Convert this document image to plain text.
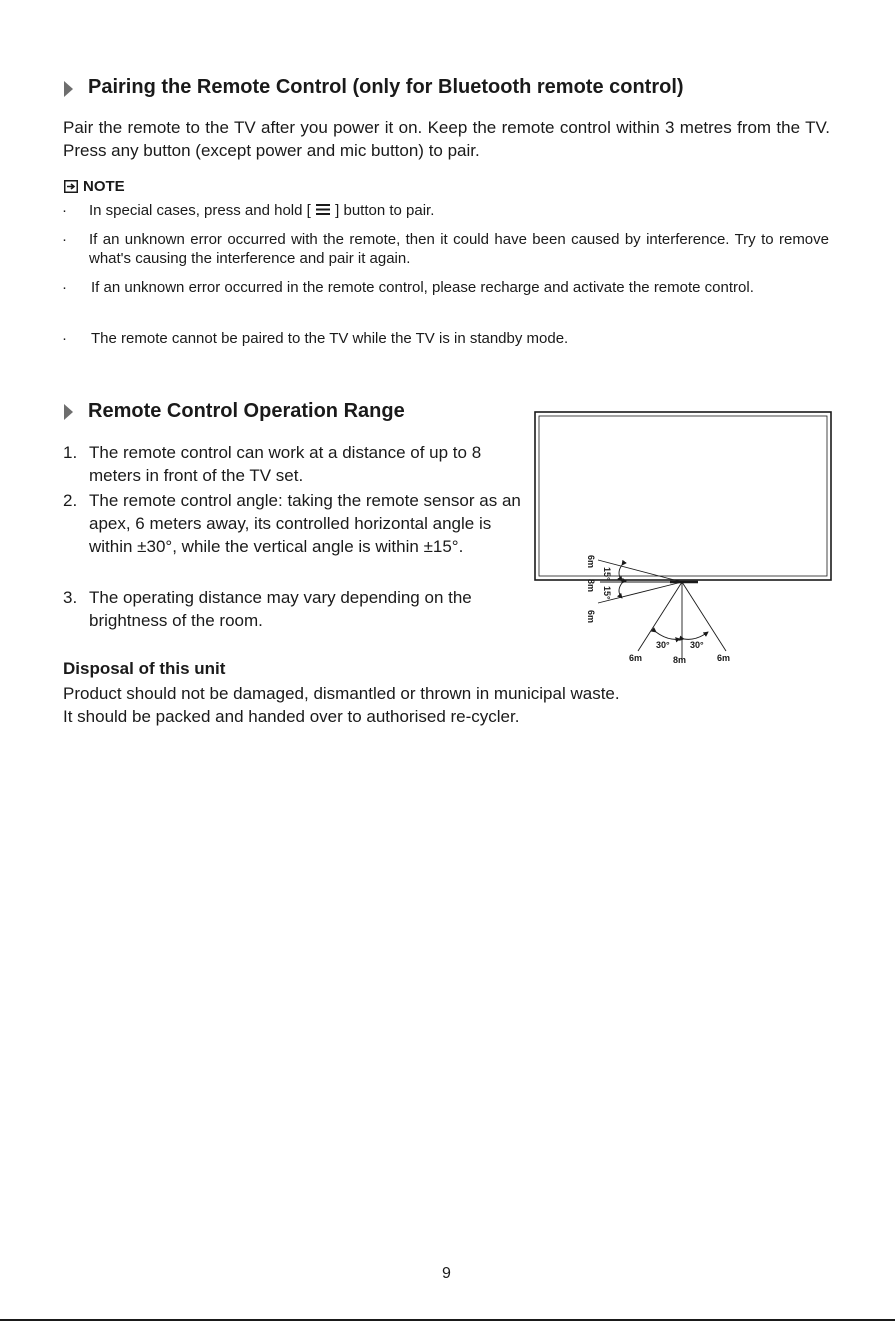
Pairing the Remote Control (only for Bluetooth remote control)
Pair the remote to the TV after you power it on. Keep the remote control within 3 metres from the TV. Press any button (except power and mic button) to pair.
NOTE
· In special cases, press and hold [  ] button to pair.
· If an unknown error occurred with the remote, then it could have been caused by interference. Try to remove what's causing the interference and pair it again.
· If an unknown error occurred in the remote control, please recharge and activate the remote control.
· The remote cannot be paired to the TV while the TV is in standby mode.
Remote Control Operation Range
1. The remote control can work at a distance of up to 8 meters in front of the TV set.
2. The remote control angle: taking the remote sensor as an apex, 6 meters away, its controlled horizontal angle is within ±30°, while the vertical angle is within ±15°.
3. The operating distance may vary depending on the brightness of the room.
6m
15°
8m
15°
6m
30° 30°
6m	8m	6m
Disposal of this unit
Product should not be damaged, dismantled or thrown in municipal waste.
It should be packed and handed over to authorised re-cycler.
9
